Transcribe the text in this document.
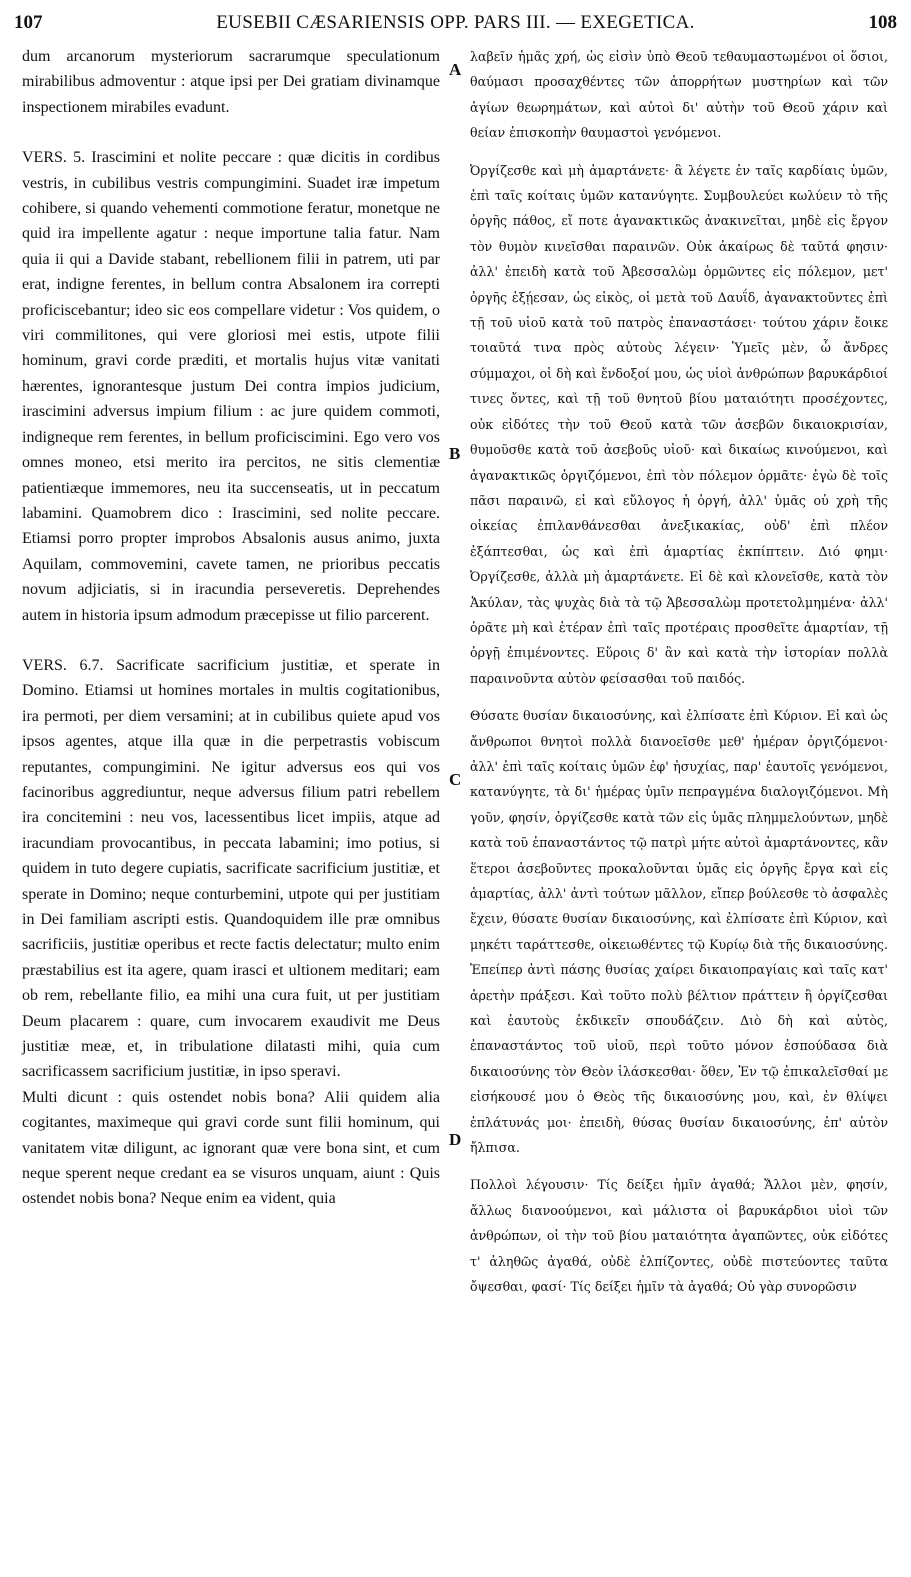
107	EUSEBII CÆSARIENSIS OPP. PARS III. — EXEGETICA.	108

dum arcanorum mysteriorum sacrarumque speculationum mirabilibus admoventur : atque ipsi per Dei gratiam divinamque inspectionem mirabiles evadunt.

VERS. 5. Irascimini et nolite peccare : quæ dicitis in cordibus vestris, in cubilibus vestris compungimini. Suadet iræ impetum cohibere, si quando vehementi commotione feratur, monetque ne quid ira impellente agatur : neque importune talia fatur. Nam quia ii qui a Davide stabant, rebellionem filii in patrem, uti par erat, indigne ferentes, in bellum contra Absalonem ira correpti proficiscebantur; ideo sic eos compellare videtur : Vos quidem, o viri commilitones, qui vere gloriosi mei estis, utpote filii hominum, gravi corde præditi, et mortalis hujus vitæ vanitati hærentes, ignorantesque justum Dei contra impios judicium, irascimini adversus impium filium : ac jure quidem commoti, indigneque rem ferentes, in bellum proficiscimini. Ego vero vos omnes moneo, etsi merito ira percitos, ne sitis clementiæ patientiæque immemores, neu ita succenseatis, ut in peccatum labamini. Quamobrem dico : Irascimini, sed nolite peccare. Etiamsi porro propter improbos Absalonis ausus animo, juxta Aquilam, commovemini, cavete tamen, ne prioribus peccatis novum adjiciatis, si in iracundia perseveretis. Deprehendes autem in historia ipsum admodum præcepisse ut filio parcerent.

VERS. 6.7. Sacrificate sacrificium justitiæ, et sperate in Domino. Etiamsi ut homines mortales in multis cogitationibus, ira permoti, per diem versamini; at in cubilibus quiete apud vos ipsos agentes, atque illa quæ in die perpetrastis vobiscum reputantes, compungimini. Ne igitur adversus eos qui vos facinoribus aggrediuntur, neque adversus filium patri rebellem ira concitemini : neu vos, lacessentibus licet impiis, atque ad iracundiam provocantibus, in peccata labamini; imo potius, si quidem in tuto degere cupiatis, sacrificate sacrificium justitiæ, et sperate in Domino; neque conturbemini, utpote qui per justitiam in Dei familiam ascripti estis. Quandoquidem ille præ omnibus sacrificiis, justitiæ operibus et recte factis delectatur; multo enim præstabilius est ita agere, quam irasci et ultionem meditari; eam ob rem, rebellante filio, ea mihi una cura fuit, ut per justitiam Deum placarem : quare, cum invocarem exaudivit me Deus justitiæ meæ, et, in tribulatione dilatasti mihi, quia cum sacrificassem sacrificium justitiæ, in ipso speravi.

Multi dicunt : quis ostendet nobis bona? Alii quidem alia cogitantes, maximeque qui gravi corde sunt filii hominum, qui vanitatem vitæ diligunt, ac ignorant quæ vere bona sint, et cum neque sperent neque credant ea se visuros unquam, aiunt : Quis ostendet nobis bona? Neque enim ea vident, quia

A
B
C
D

λαβεῖν ἡμᾶς χρή, ὡς εἰσὶν ὑπὸ Θεοῦ τεθαυμαστωμένοι οἱ ὅσιοι, θαύμασι προσαχθέντες τῶν ἀπορρήτων μυστηρίων καὶ τῶν ἁγίων θεωρημάτων, καὶ αὐτοὶ δι' αὐτὴν τοῦ Θεοῦ χάριν καὶ θείαν ἐπισκοπὴν θαυμαστοὶ γενόμενοι.

Ὀργίζεσθε καὶ μὴ ἁμαρτάνετε· ἃ λέγετε ἐν ταῖς καρδίαις ὑμῶν, ἐπὶ ταῖς κοίταις ὑμῶν κατανύγητε. Συμβουλεύει κωλύειν τὸ τῆς ὀργῆς πάθος, εἴ ποτε ἀγανακτικῶς ἀνακινεῖται, μηδὲ εἰς ἔργον τὸν θυμὸν κινεῖσθαι παραινῶν. Οὐκ ἀκαίρως δὲ ταῦτά φησιν· ἀλλ' ἐπειδὴ κατὰ τοῦ Ἀβεσσαλὼμ ὁρμῶντες εἰς πόλεμον, μετ' ὀργῆς ἐξῄεσαν, ὡς εἰκὸς, οἱ μετὰ τοῦ Δαυΐδ, ἀγανακτοῦντες ἐπὶ τῇ τοῦ υἱοῦ κατὰ τοῦ πατρὸς ἐπαναστάσει· τούτου χάριν ἔοικε τοιαῦτά τινα πρὸς αὐτοὺς λέγειν· Ὑμεῖς μὲν, ὦ ἄνδρες σύμμαχοι, οἱ δὴ καὶ ἔνδοξοί μου, ὡς υἱοὶ ἀνθρώπων βαρυκάρδιοί τινες ὄντες, καὶ τῇ τοῦ θνητοῦ βίου ματαιότητι προσέχοντες, οὐκ εἰδότες τὴν τοῦ Θεοῦ κατὰ τῶν ἀσεβῶν δικαιοκρισίαν, θυμοῦσθε κατὰ τοῦ ἀσεβοῦς υἱοῦ· καὶ δικαίως κινούμενοι, καὶ ἀγανακτικῶς ὀργιζόμενοι, ἐπὶ τὸν πόλεμον ὁρμᾶτε· ἐγὼ δὲ τοῖς πᾶσι παραινῶ, εἰ καὶ εὔλογος ἡ ὀργή, ἀλλ' ὑμᾶς οὐ χρὴ τῆς οἰκείας ἐπιλανθάνεσθαι ἀνεξικακίας, οὐδ' ἐπὶ πλέον ἐξάπτεσθαι, ὡς καὶ ἐπὶ ἁμαρτίας ἐκπίπτειν. Διό φημι· Ὀργίζεσθε, ἀλλὰ μὴ ἁμαρτάνετε. Εἰ δὲ καὶ κλονεῖσθε, κατὰ τὸν Ἀκύλαν, τὰς ψυχὰς διὰ τὰ τῷ Ἀβεσσαλὼμ προτετολμημένα· ἀλλ' ὁρᾶτε μὴ καὶ ἑτέραν ἐπὶ ταῖς προτέραις προσθεῖτε ἁμαρτίαν, τῇ ὀργῇ ἐπιμένοντες. Εὕροις δ' ἂν καὶ κατὰ τὴν ἱστορίαν πολλὰ παραινοῦντα αὐτὸν φείσασθαι τοῦ παιδός.

Θύσατε θυσίαν δικαιοσύνης, καὶ ἐλπίσατε ἐπὶ Κύριον. Εἰ καὶ ὡς ἄνθρωποι θνητοὶ πολλὰ διανοεῖσθε μεθ' ἡμέραν ὀργιζόμενοι· ἀλλ' ἐπὶ ταῖς κοίταις ὑμῶν ἐφ' ἡσυχίας, παρ' ἑαυτοῖς γενόμενοι, κατανύγητε, τὰ δι' ἡμέρας ὑμῖν πεπραγμένα διαλογιζόμενοι. Μὴ γοῦν, φησίν, ὀργίζεσθε κατὰ τῶν εἰς ὑμᾶς πλημμελούντων, μηδὲ κατὰ τοῦ ἐπαναστάντος τῷ πατρὶ μήτε αὐτοὶ ἁμαρτάνοντες, κἂν ἕτεροι ἀσεβοῦντες προκαλοῦνται ὑμᾶς εἰς ὀργῆς ἔργα καὶ εἰς ἁμαρτίας, ἀλλ' ἀντὶ τούτων μᾶλλον, εἴπερ βούλεσθε τὸ ἀσφαλὲς ἔχειν, θύσατε θυσίαν δικαιοσύνης, καὶ ἐλπίσατε ἐπὶ Κύριον, καὶ μηκέτι ταράττεσθε, οἰκειωθέντες τῷ Κυρίῳ διὰ τῆς δικαιοσύνης. Ἐπείπερ ἀντὶ πάσης θυσίας χαίρει δικαιοπραγίαις καὶ ταῖς κατ' ἀρετὴν πράξεσι. Καὶ τοῦτο πολὺ βέλτιον πράττειν ἢ ὀργίζεσθαι καὶ ἑαυτοὺς ἐκδικεῖν σπουδάζειν. Διὸ δὴ καὶ αὐτὸς, ἐπαναστάντος τοῦ υἱοῦ, περὶ τοῦτο μόνον ἐσπούδασα διὰ δικαιοσύνης τὸν Θεὸν ἱλάσκεσθαι· ὅθεν, Ἐν τῷ ἐπικαλεῖσθαί με εἰσήκουσέ μου ὁ Θεὸς τῆς δικαιοσύνης μου, καὶ, ἐν θλίψει ἐπλάτυνάς μοι· ἐπειδὴ, θύσας θυσίαν δικαιοσύνης, ἐπ' αὐτὸν ἤλπισα.

Πολλοὶ λέγουσιν· Τίς δείξει ἡμῖν ἀγαθά; Ἄλλοι μὲν, φησίν, ἄλλως διανοούμενοι, καὶ μάλιστα οἱ βαρυκάρδιοι υἱοὶ τῶν ἀνθρώπων, οἱ τὴν τοῦ βίου ματαιότητα ἀγαπῶντες, οὐκ εἰδότες τ' ἀληθῶς ἀγαθά, οὐδὲ ἐλπίζοντες, οὐδὲ πιστεύοντες ταῦτα ὄψεσθαι, φασί· Τίς δείξει ἡμῖν τὰ ἀγαθά; Οὐ γὰρ συνορῶσιν
